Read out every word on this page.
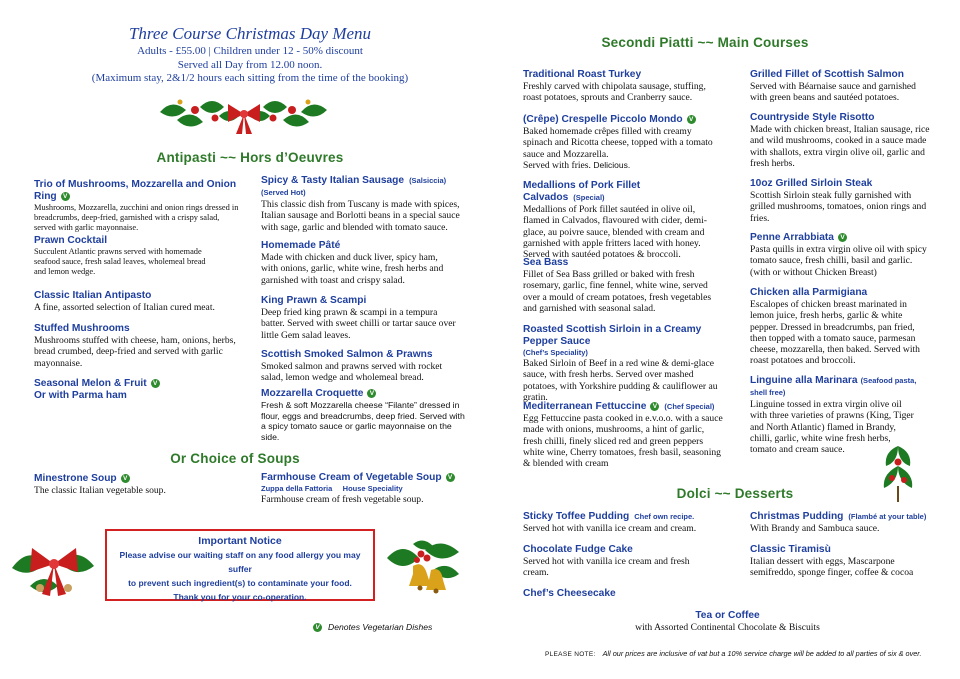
Three Course Christmas Day Menu
Adults - £55.00 | Children under 12 - 50% discount
Served all Day from 12.00 noon.
(Maximum stay, 2&1/2 hours each sitting from the time of the booking)
Antipasti ~~ Hors d’Oeuvres
Trio of Mushrooms, Mozzarella and Onion Ring V
Mushrooms, Mozzarella, zucchini and onion rings dressed in breadcrumbs, deep-fried, garnished with a crispy salad, served with garlic mayonnaise.
Prawn Cocktail
Succulent Atlantic prawns served with homemade seafood sauce, fresh salad leaves, wholemeal bread and lemon wedge.
Classic Italian Antipasto
A fine, assorted selection of Italian cured meat.
Stuffed Mushrooms
Mushrooms stuffed with cheese, ham, onions, herbs, bread crumbed, deep-fried and served with garlic mayonnaise.
Seasonal Melon & Fruit V
Or with Parma ham
Spicy & Tasty Italian Sausage (Salsiccia) (Served Hot)
This classic dish from Tuscany is made with spices, Italian sausage and Borlotti beans in a special sauce with sage, garlic and blended with tomato sauce.
Homemade Pâté
Made with chicken and duck liver, spicy ham, with onions, garlic, white wine, fresh herbs and garnished with toast and crispy salad.
King Prawn & Scampi
Deep fried king prawn & scampi in a tempura batter. Served with sweet chilli or tartar sauce over little Gem salad leaves.
Scottish Smoked Salmon & Prawns
Smoked salmon and prawns served with rocket salad, lemon wedge and wholemeal bread.
Mozzarella Croquette V
Fresh & soft Mozzarella cheese “Filante” dressed in flour, eggs and breadcrumbs, deep fried. Served with a spicy tomato sauce or garlic mayonnaise on the side.
Or Choice of Soups
Minestrone Soup V
The classic Italian vegetable soup.
Farmhouse Cream of Vegetable Soup V
Zuppa della Fattoria     House Speciality
Farmhouse cream of fresh vegetable soup.
Important Notice
Please advise our waiting staff on any food allergy you may suffer
to prevent such ingredient(s) to contaminate your food.
Thank you for your co-operation.
V Denotes Vegetarian Dishes
Secondi Piatti ~~ Main Courses
Traditional Roast Turkey
Freshly carved with chipolata sausage, stuffing, roast potatoes, sprouts and Cranberry sauce.
(Crêpe) Crespelle Piccolo Mondo V
Baked homemade crêpes filled with creamy spinach and Ricotta cheese, topped with a tomato sauce and Mozzarella.
Served with fries. Delicious.
Medallions of Pork Fillet Calvados (Special)
Medallions of Pork fillet sautéed in olive oil, flamed in Calvados, flavoured with cider, demi-glace, au poivre sauce, blended with cream and garnished with apple fritters laced with honey. Served with sautéed potatoes & broccoli.
Sea Bass
Fillet of Sea Bass grilled or baked with fresh rosemary, garlic, fine fennel, white wine, served over a mould of cream potatoes, fresh vegetables and garnished with seasonal salad.
Roasted Scottish Sirloin in a Creamy Pepper Sauce
(Chef’s Speciality)
Baked Sirloin of Beef in a red wine & demi-glace sauce, with fresh herbs. Served over mashed potatoes, with Yorkshire pudding & cauliflower au gratin.
Mediterranean Fettuccine V (Chef Special)
Egg Fettuccine pasta cooked in e.v.o.o. with a sauce made with onions, mushrooms, a hint of garlic, fresh chilli, finely sliced red and green peppers white wine, Cherry tomatoes, fresh basil, seasoning & blended with cream
Grilled Fillet of Scottish Salmon
Served with Béarnaise sauce and garnished with green beans and sautéed potatoes.
Countryside Style Risotto
Made with chicken breast, Italian sausage, rice and wild mushrooms, cooked in a sauce made with shallots, extra virgin olive oil, garlic and fresh herbs.
10oz Grilled Sirloin Steak
Scottish Sirloin steak fully garnished with grilled mushrooms, tomatoes, onion rings and fries.
Penne Arrabbiata V
Pasta quills in extra virgin olive oil with spicy tomato sauce, fresh chilli, basil and garlic. (with or without Chicken Breast)
Chicken alla Parmigiana
Escalopes of chicken breast marinated in lemon juice, fresh herbs, garlic & white pepper. Dressed in breadcrumbs, pan fried, then topped with a tomato sauce, parmesan cheese, mozzarella, then baked. Served with roast potatoes and broccoli.
Linguine alla Marinara (Seafood pasta, shell free)
Linguine tossed in extra virgin olive oil with three varieties of prawns (King, Tiger and North Atlantic) flamed in Brandy, chilli, garlic, white wine fresh herbs, tomato and cream sauce.
Dolci ~~ Desserts
Sticky Toffee Pudding Chef own recipe.
Served hot with vanilla ice cream and cream.
Chocolate Fudge Cake
Served hot with vanilla ice cream and fresh cream.
Chef’s Cheesecake
Christmas Pudding (Flambé at your table)
With Brandy and Sambuca sauce.
Classic Tiramisù
Italian dessert with eggs, Mascarpone semifreddo, sponge finger, coffee & cocoa
Tea or Coffee
with Assorted Continental Chocolate & Biscuits
PLEASE NOTE: All our prices are inclusive of vat but a 10% service charge will be added to all parties of six & over.
